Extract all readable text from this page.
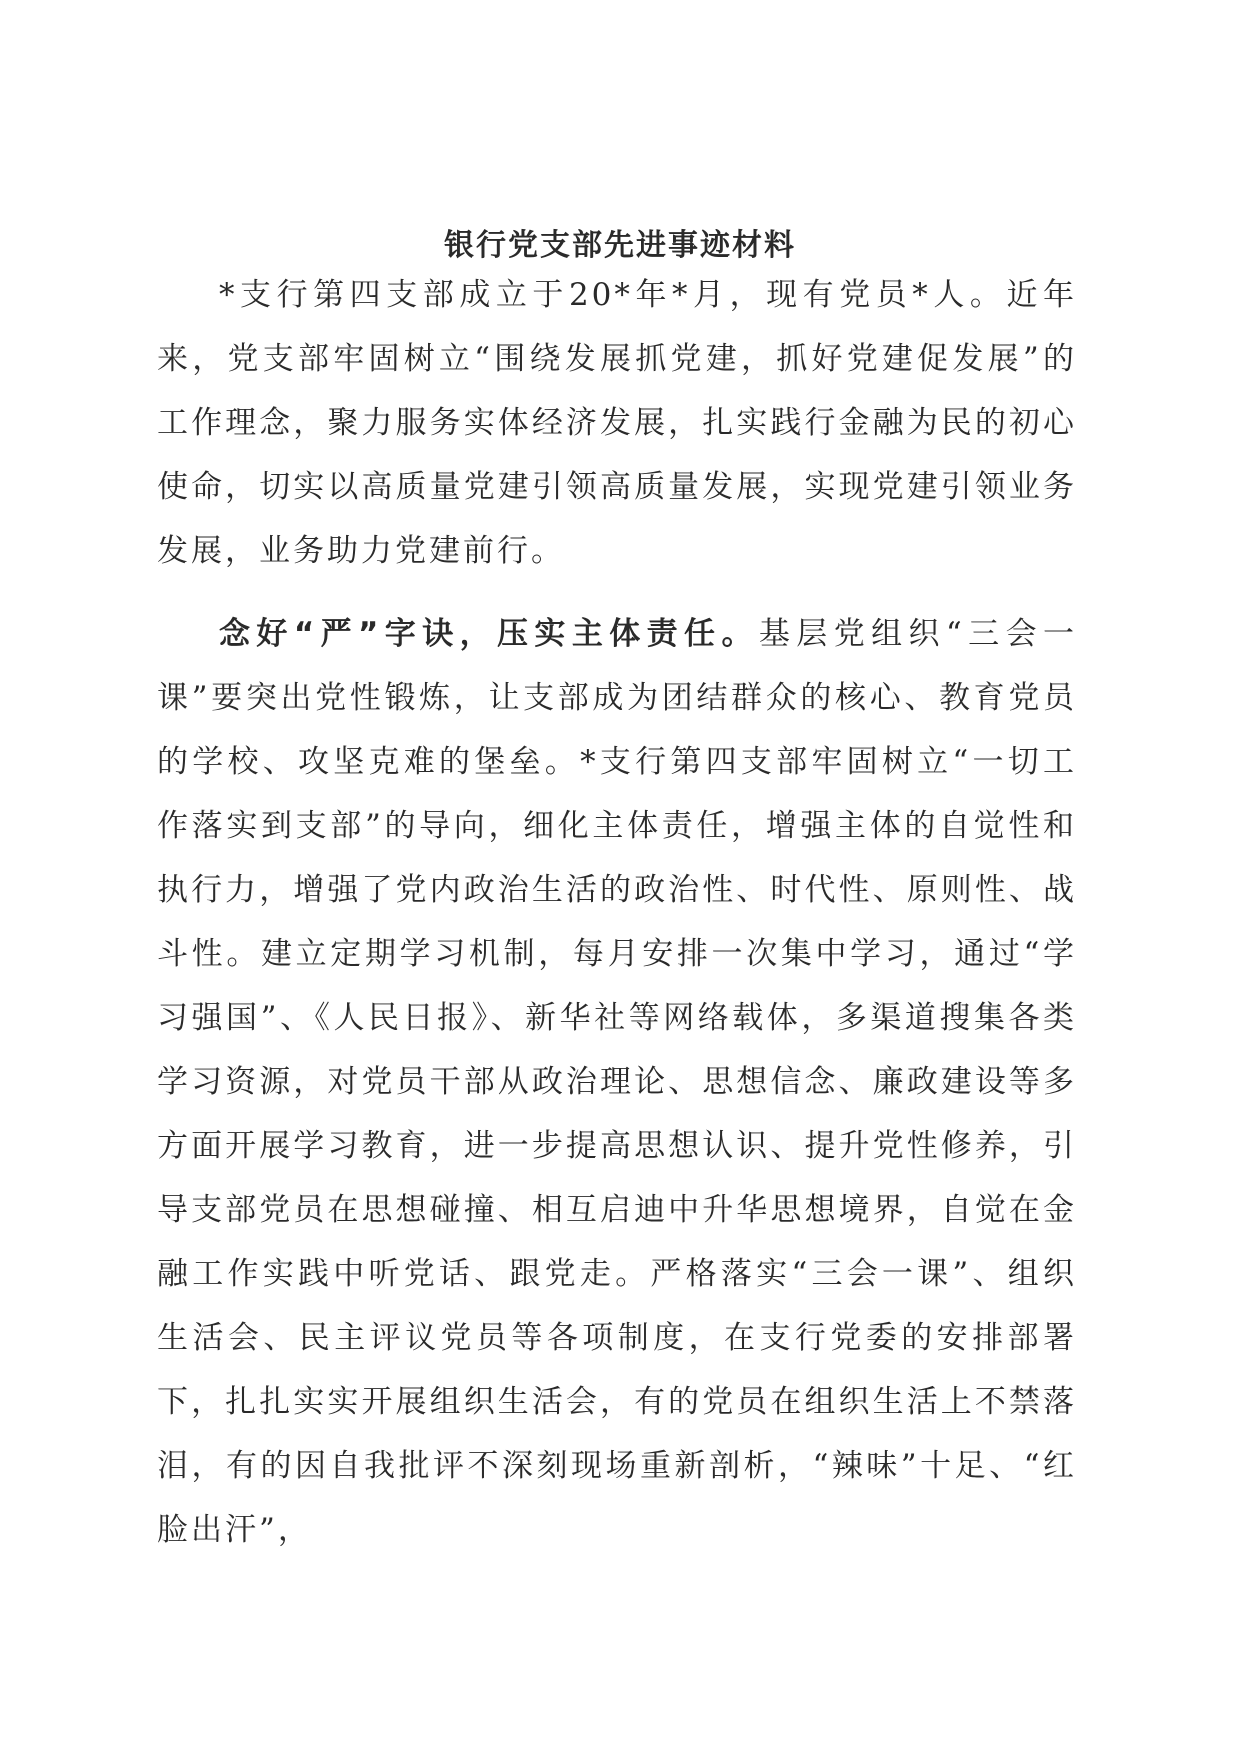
银行党支部先进事迹材料

*支行第四支部成立于20*年*月，现有党员*人。近年来，党支部牢固树立“围绕发展抓党建，抓好党建促发展”的工作理念，聚力服务实体经济发展，扎实践行金融为民的初心使命，切实以高质量党建引领高质量发展，实现党建引领业务发展，业务助力党建前行。

念好“严”字诀，压实主体责任。基层党组织“三会一课”要突出党性锻炼，让支部成为团结群众的核心、教育党员的学校、攻坚克难的堡垒。*支行第四支部牢固树立“一切工作落实到支部”的导向，细化主体责任，增强主体的自觉性和执行力，增强了党内政治生活的政治性、时代性、原则性、战斗性。建立定期学习机制，每月安排一次集中学习，通过“学习强国”、《人民日报》、新华社等网络载体，多渠道搜集各类学习资源，对党员干部从政治理论、思想信念、廉政建设等多方面开展学习教育，进一步提高思想认识、提升党性修养，引导支部党员在思想碰撞、相互启迪中升华思想境界，自觉在金融工作实践中听党话、跟党走。严格落实“三会一课”、组织生活会、民主评议党员等各项制度，在支行党委的安排部署下，扎扎实实开展组织生活会，有的党员在组织生活上不禁落泪，有的因自我批评不深刻现场重新剖析，“辣味”十足、“红脸出汗”，
